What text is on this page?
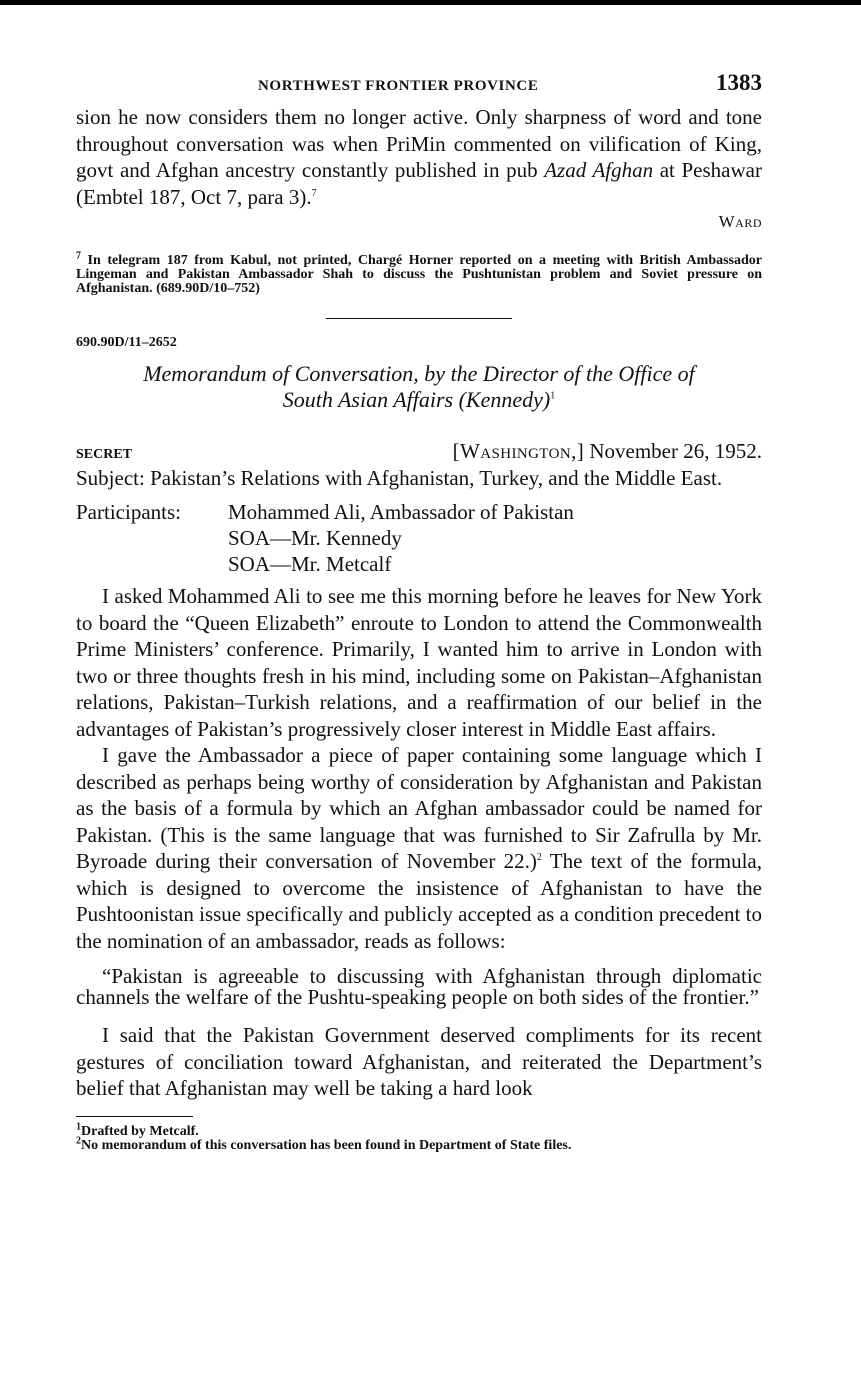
NORTHWEST FRONTIER PROVINCE	1383

sion he now considers them no longer active. Only sharpness of word and tone throughout conversation was when PriMin commented on vilification of King, govt and Afghan ancestry constantly published in pub Azad Afghan at Peshawar (Embtel 187, Oct 7, para 3).$^7$

Ward

$^7$ In telegram 187 from Kabul, not printed, Chargé Horner reported on a meeting with British Ambassador Lingeman and Pakistan Ambassador Shah to discuss the Pushtunistan problem and Soviet pressure on Afghanistan. (689.90D/10–752)

690.90D/11–2652
Memorandum of Conversation, by the Director of the Office of
South Asian Affairs (Kennedy)$^1$
SECRET	[Washington,] November 26, 1952.

Subject: Pakistan’s Relations with Afghanistan, Turkey, and the Middle East.

Participants:	Mohammed Ali, Ambassador of Pakistan
SOA—Mr. Kennedy
SOA—Mr. Metcalf

I asked Mohammed Ali to see me this morning before he leaves for New York to board the “Queen Elizabeth” enroute to London to attend the Commonwealth Prime Ministers’ conference. Primarily, I wanted him to arrive in London with two or three thoughts fresh in his mind, including some on Pakistan–Afghanistan relations, Pakistan–Turkish relations, and a reaffirmation of our belief in the advantages of Pakistan’s progressively closer interest in Middle East affairs.

I gave the Ambassador a piece of paper containing some language which I described as perhaps being worthy of consideration by Afghanistan and Pakistan as the basis of a formula by which an Afghan ambassador could be named for Pakistan. (This is the same language that was furnished to Sir Zafrulla by Mr. Byroade during their conversation of November 22.)$^2$ The text of the formula, which is designed to overcome the insistence of Afghanistan to have the Pushtoonistan issue specifically and publicly accepted as a condition precedent to the nomination of an ambassador, reads as follows:

“Pakistan is agreeable to discussing with Afghanistan through diplomatic channels the welfare of the Pushtu-speaking people on both sides of the frontier.”

I said that the Pakistan Government deserved compliments for its recent gestures of conciliation toward Afghanistan, and reiterated the Department’s belief that Afghanistan may well be taking a hard look

$^1$Drafted by Metcalf.

$^2$No memorandum of this conversation has been found in Department of State files.
